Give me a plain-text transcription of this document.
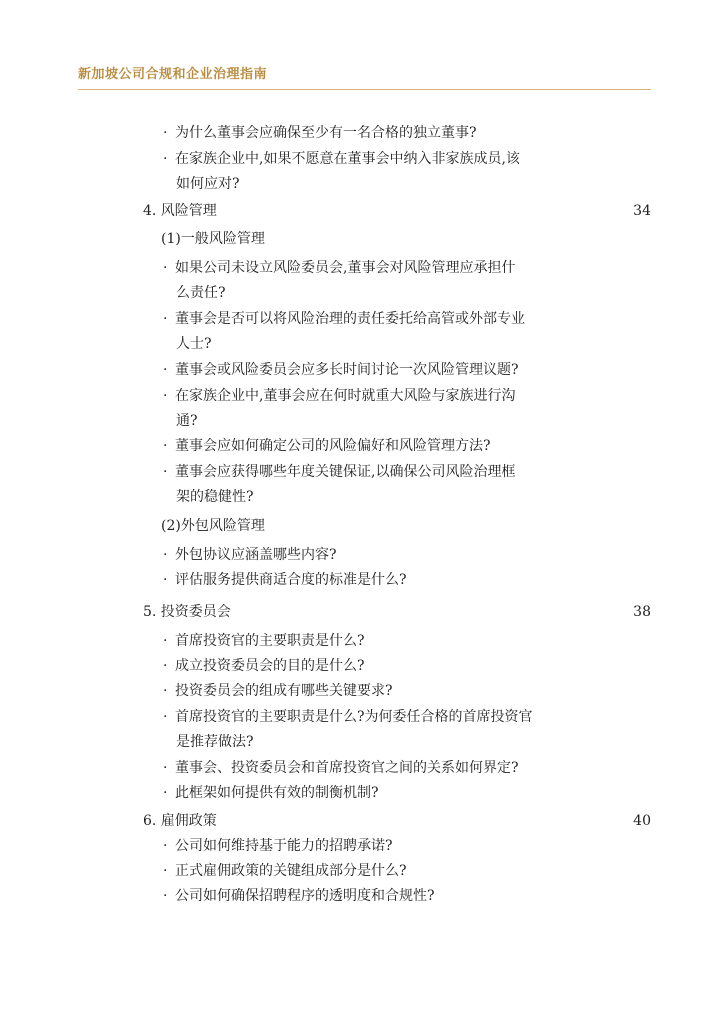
新加坡公司合规和企业治理指南
· 为什么董事会应确保至少有一名合格的独立董事?
· 在家族企业中,如果不愿意在董事会中纳入非家族成员,该
如何应对?
4. 风险管理	34
(1)一般风险管理
· 如果公司未设立风险委员会,董事会对风险管理应承担什
么责任?
· 董事会是否可以将风险治理的责任委托给高管或外部专业
人士?
· 董事会或风险委员会应多长时间讨论一次风险管理议题?
· 在家族企业中,董事会应在何时就重大风险与家族进行沟
通?
· 董事会应如何确定公司的风险偏好和风险管理方法?
· 董事会应获得哪些年度关键保证,以确保公司风险治理框
架的稳健性?
(2)外包风险管理
· 外包协议应涵盖哪些内容?
· 评估服务提供商适合度的标准是什么?
5. 投资委员会	38
· 首席投资官的主要职责是什么?
· 成立投资委员会的目的是什么?
· 投资委员会的组成有哪些关键要求?
· 首席投资官的主要职责是什么?为何委任合格的首席投资官
是推荐做法?
· 董事会、投资委员会和首席投资官之间的关系如何界定?
· 此框架如何提供有效的制衡机制?
6. 雇佣政策	40
· 公司如何维持基于能力的招聘承诺?
· 正式雇佣政策的关键组成部分是什么?
· 公司如何确保招聘程序的透明度和合规性?
